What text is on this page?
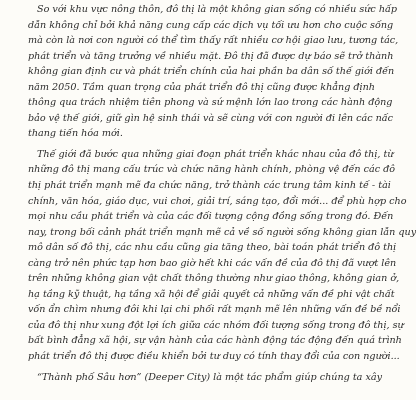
So với khu vực nông thôn, đô thị là một không gian sống có nhiều sức hấp
dẫn không chỉ bởi khả năng cung cấp các dịch vụ tối ưu hơn cho cuộc sống
mà còn là nơi con người có thể tìm thấy rất nhiều cơ hội giao lưu, tương tác,
phát triển và tăng trưởng về nhiều mặt. Đô thị đã được dự báo sẽ trở thành
không gian định cư và phát triển chính của hai phần ba dân số thế giới đến
năm 2050. Tầm quan trọng của phát triển đô thị cũng được khẳng định
thông qua trách nhiệm tiên phong và sứ mệnh lớn lao trong các hành động
bảo vệ thế giới, giữ gìn hệ sinh thái và sẽ cùng với con người đi lên các nấc
thang tiến hóa mới.

Thế giới đã bước qua những giai đoạn phát triển khác nhau của đô thị, từ
những đô thị mang cấu trúc và chức năng hành chính, phòng vệ đến các đô
thị phát triển mạnh mẽ đa chức năng, trở thành các trung tâm kinh tế - tài
chính, văn hóa, giáo dục, vui chơi, giải trí, sáng tạo, đổi mới... để phù hợp cho
mọi nhu cầu phát triển và của các đối tượng cộng đồng sống trong đó. Đến
nay, trong bối cảnh phát triển mạnh mẽ cả về số người sống không gian lẫn quy
mô dân số đô thị, các nhu cầu cũng gia tăng theo, bài toán phát triển đô thị
càng trở nên phức tạp hơn bao giờ hết khi các vấn đề của đô thị đã vượt lên
trên những không gian vật chất thông thường như giao thông, không gian ở,
hạ tầng kỹ thuật, hạ tầng xã hội để giải quyết cả những vấn đề phi vật chất
vốn ẩn chìm nhưng đôi khi lại chi phối rất mạnh mẽ lên những vấn đề bề nổi
của đô thị như xung đột lợi ích giữa các nhóm đối tượng sống trong đô thị, sự
bất bình đẳng xã hội, sự vận hành của các hành động tác động đến quá trình
phát triển đô thị được điều khiển bởi tư duy có tính thay đổi của con người...

“Thành phố Sâu hơn” (Deeper City) là một tác phẩm giúp chúng ta xây
